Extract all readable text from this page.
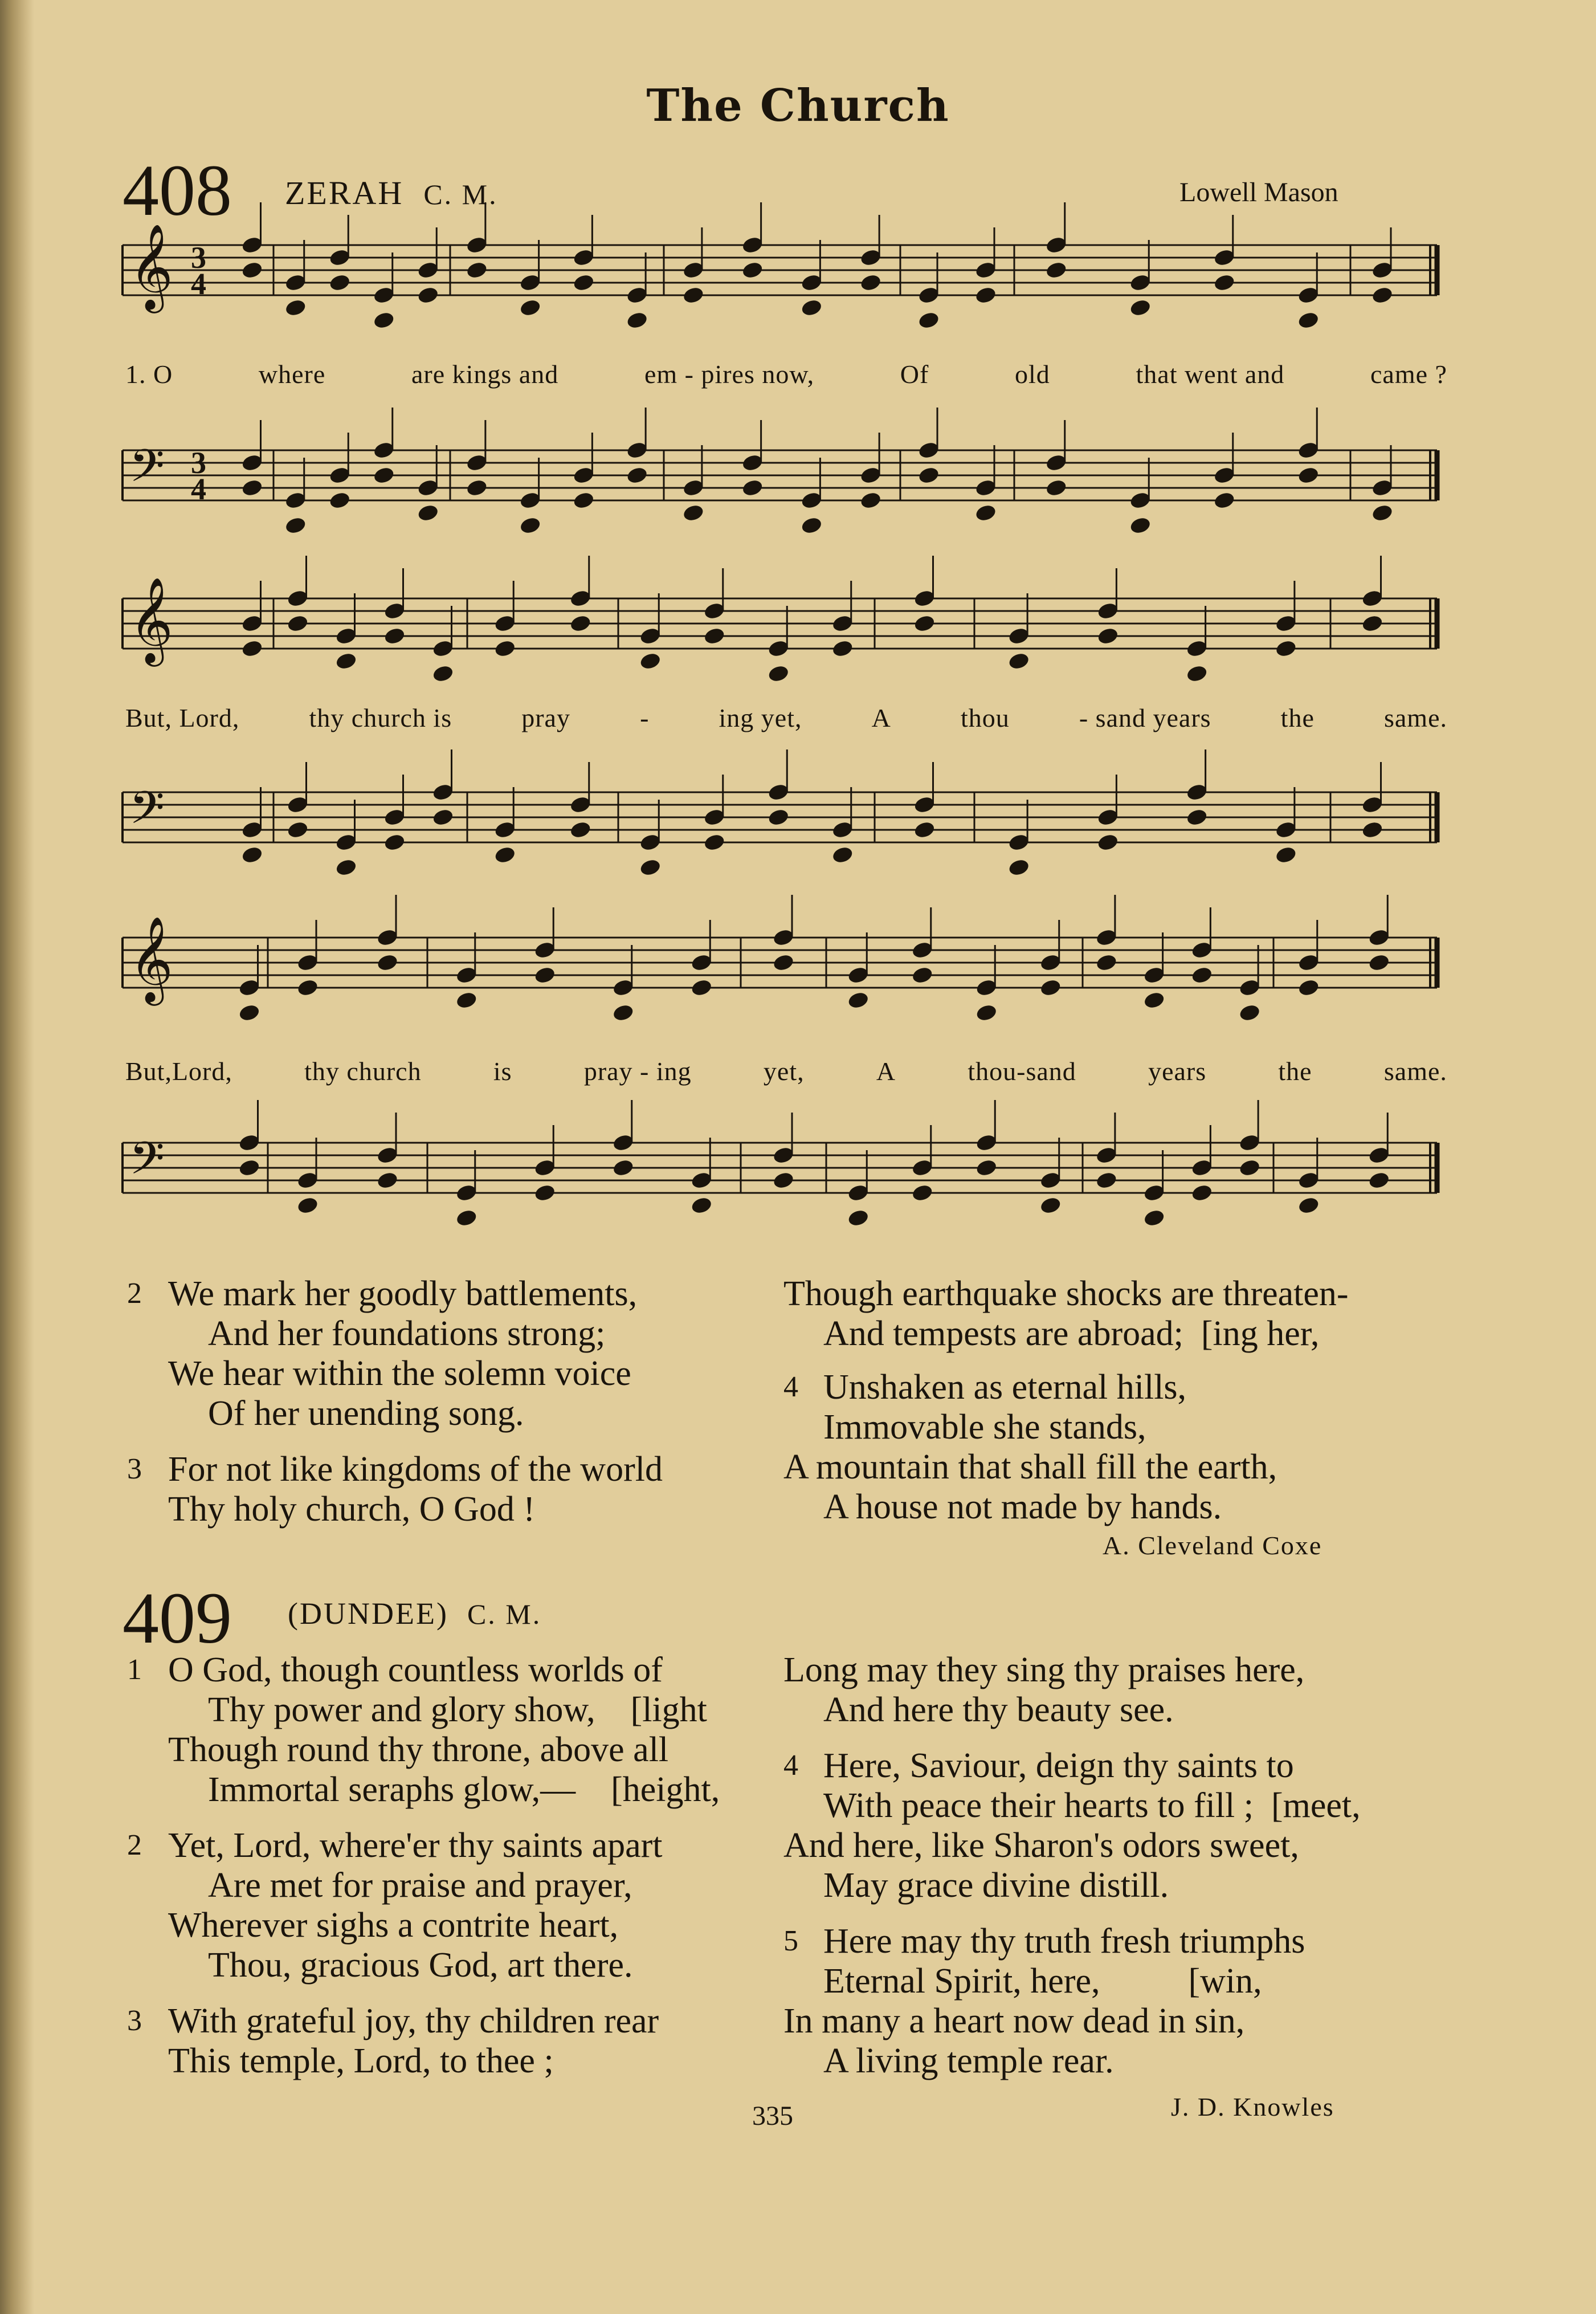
The Church
408 ZERAH C. M.	Lowell Mason
𝄞 3
4
𝄢 3
4
𝄞
𝄢
𝄞
𝄢
1. O	where	are kings and	em - pires now,	Of	old	that went and	came ?
But, Lord,	thy church is	pray	-	ing yet,	A	thou	- sand years	the	same.
But,Lord,	thy church	is	pray - ing	yet,	A	thou-sand	years	the	same.
2 We mark her goodly battlements,
And her foundations strong;
We hear within the solemn voice
Of her unending song.
3 For not like kingdoms of the world
Thy holy church, O God !
Though earthquake shocks are threaten-
And tempests are abroad;  [ing her,
4 Unshaken as eternal hills,
Immovable she stands,
A mountain that shall fill the earth,
A house not made by hands.
A. Cleveland Coxe
409 (DUNDEE) C. M.
1 O God, though countless worlds of
Thy power and glory show,    [light
Though round thy throne, above all
Immortal seraphs glow,—    [height,
2 Yet, Lord, where'er thy saints apart
Are met for praise and prayer,
Wherever sighs a contrite heart,
Thou, gracious God, art there.
3 With grateful joy, thy children rear
This temple, Lord, to thee ;
Long may they sing thy praises here,
And here thy beauty see.
4 Here, Saviour, deign thy saints to
With peace their hearts to fill ;  [meet,
And here, like Sharon's odors sweet,
May grace divine distill.
5 Here may thy truth fresh triumphs
Eternal Spirit, here,          [win,
In many a heart now dead in sin,
A living temple rear.
335	J. D. Knowles
